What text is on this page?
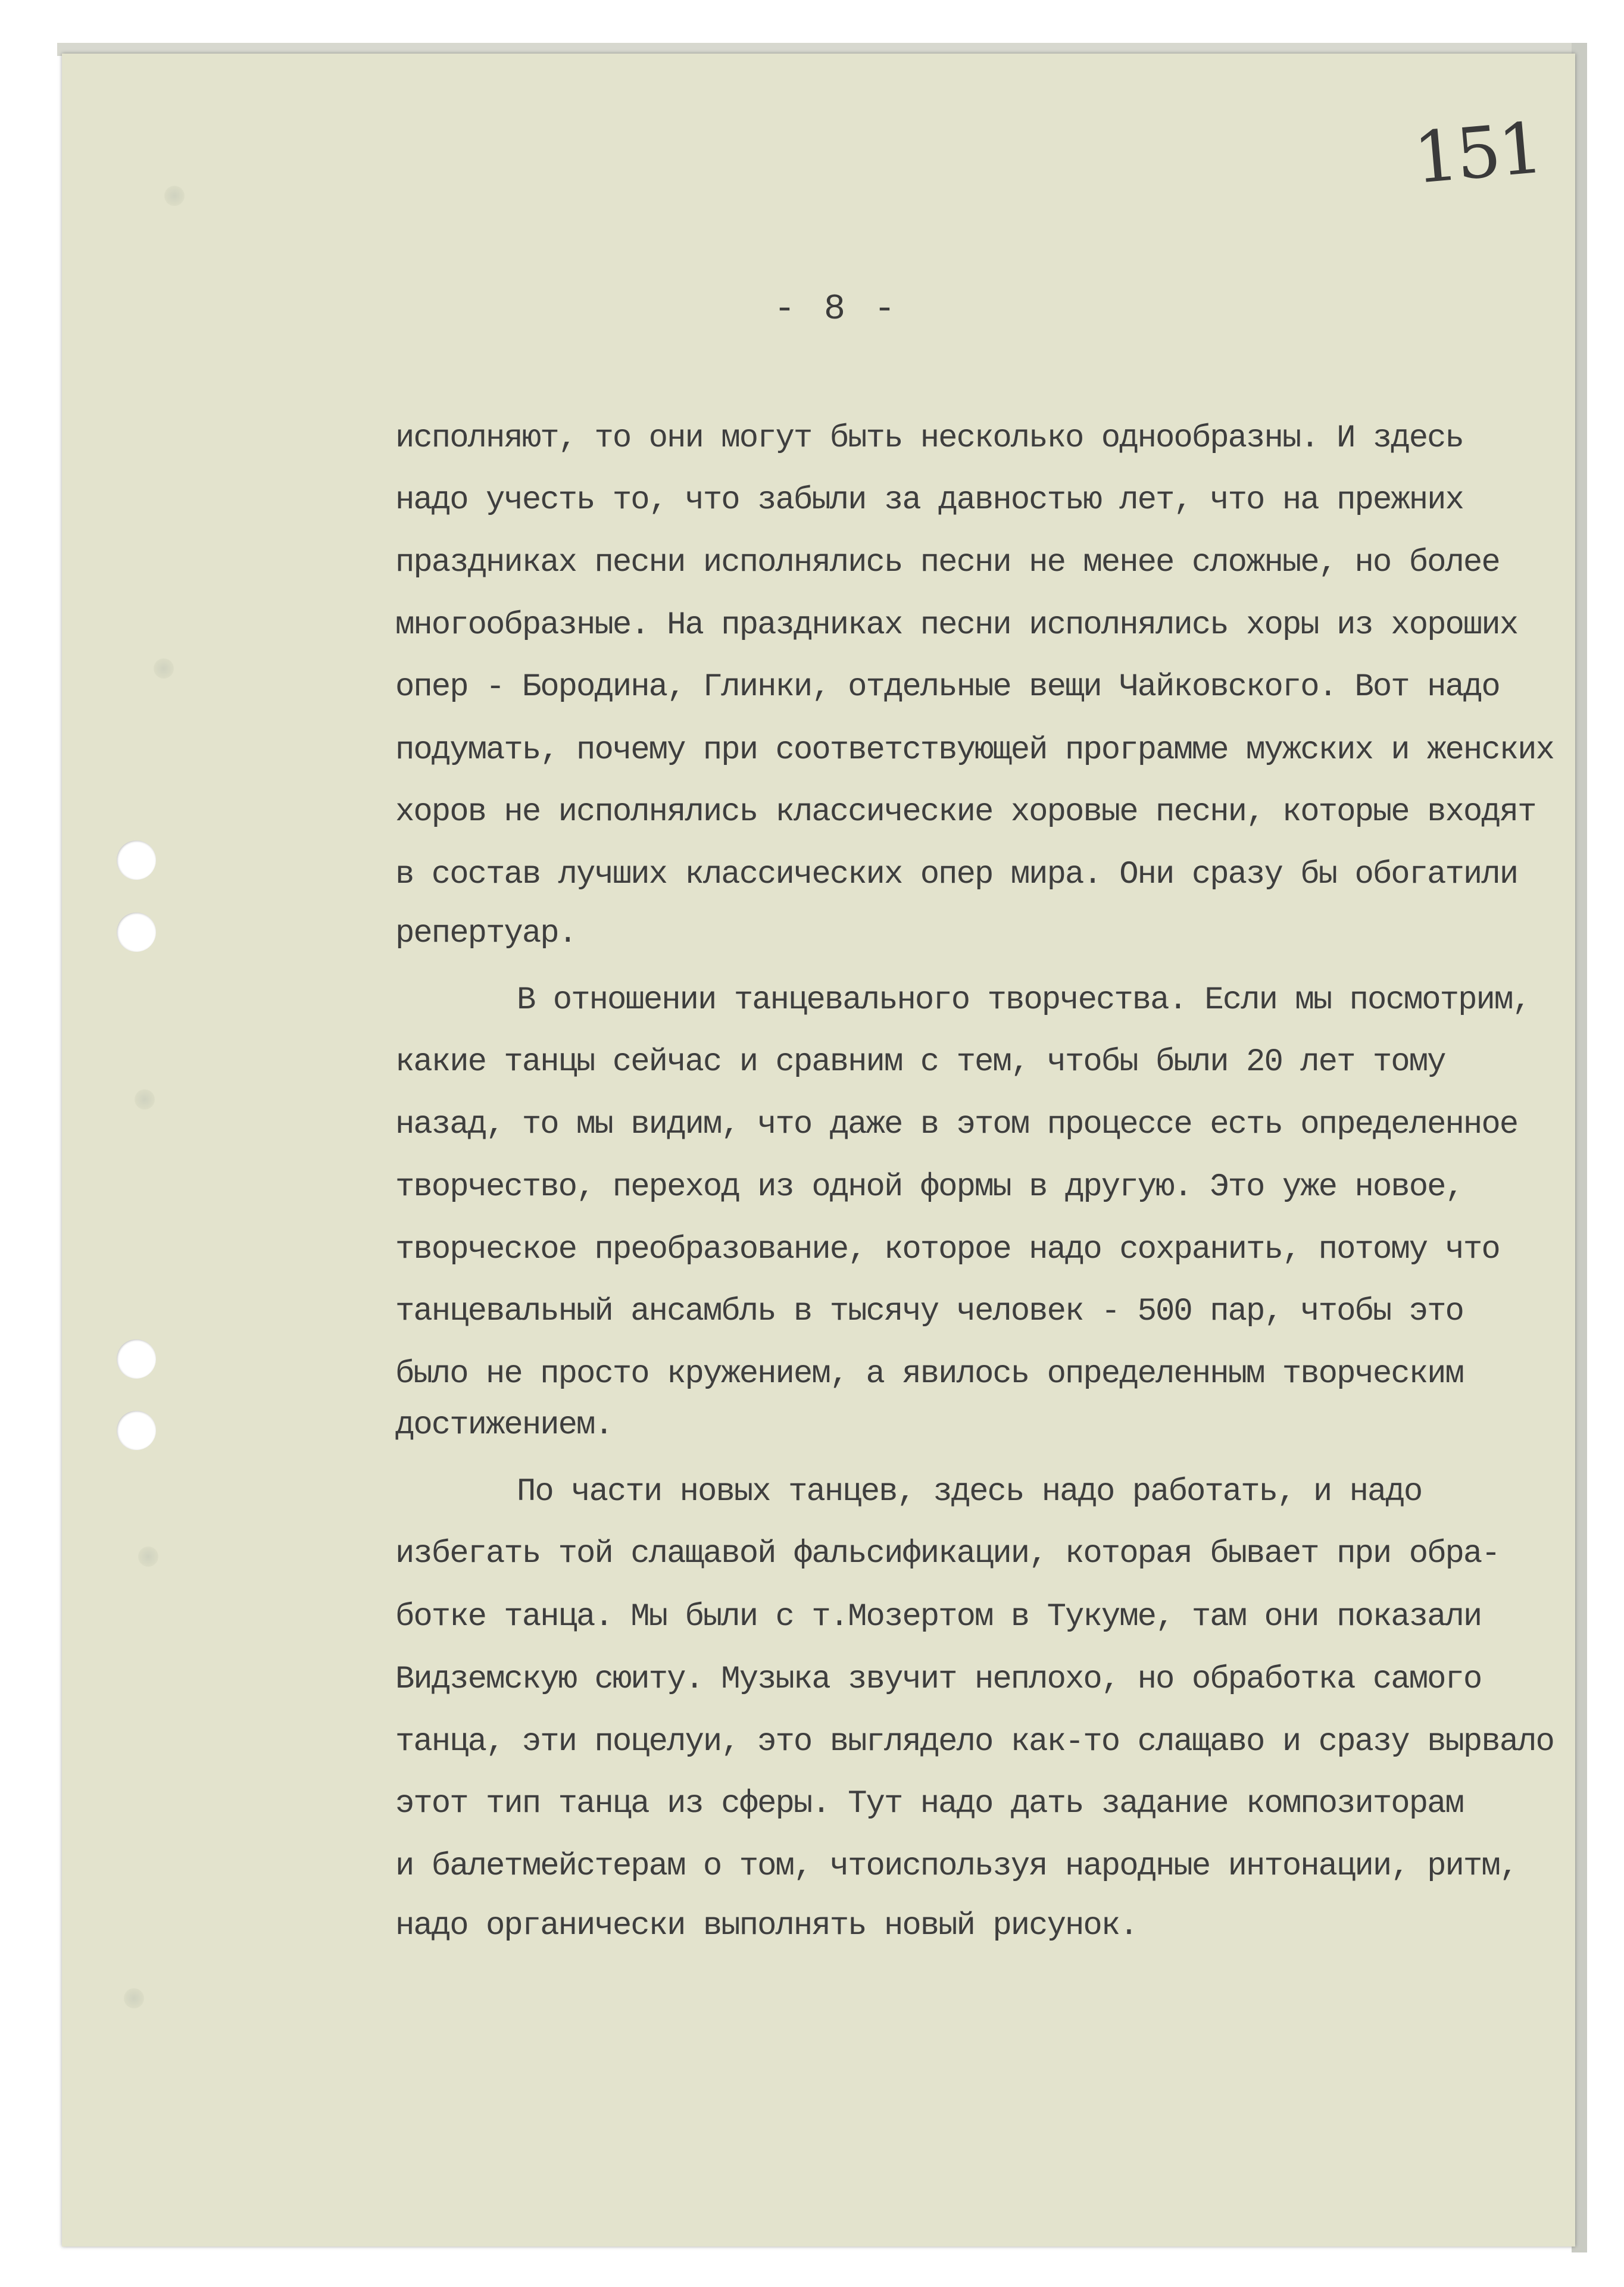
151
- 8 -
исполняют, то они могут быть несколько однообразны. И здесь
надо учесть то, что забыли за давностью лет, что на прежних
праздниках песни исполнялись песни не менее сложные, но более
многообразные. На праздниках песни исполнялись хоры из хороших
опер - Бородина, Глинки, отдельные вещи Чайковского. Вот надо
подумать, почему при соответствующей программе мужских и женских
хоров не исполнялись классические хоровые песни, которые входят
в состав лучших классических опер мира. Они сразу бы обогатили
репертуар.
В отношении танцевального творчества. Если мы посмотрим,
какие танцы сейчас и сравним с тем, чтобы были 20 лет тому
назад, то мы видим, что даже в этом процессе есть определенное
творчество, переход из одной формы в другую. Это уже новое,
творческое преобразование, которое надо сохранить, потому что
танцевальный ансамбль в тысячу человек - 500 пар, чтобы это
было не просто кружением, а явилось определенным творческим
достижением.
По части новых танцев, здесь надо работать, и надо
избегать той слащавой фальсификации, которая бывает при обра-
ботке танца. Мы были с т.Мозертом в Тукуме, там они показали
Видземскую сюиту. Музыка звучит неплохо, но обработка самого
танца, эти поцелуи, это выглядело как-то слащаво и сразу вырвало
этот тип танца из сферы. Тут надо дать задание композиторам
и балетмейстерам о том, чтоиспользуя народные интонации, ритм,
надо органически выполнять новый рисунок.
